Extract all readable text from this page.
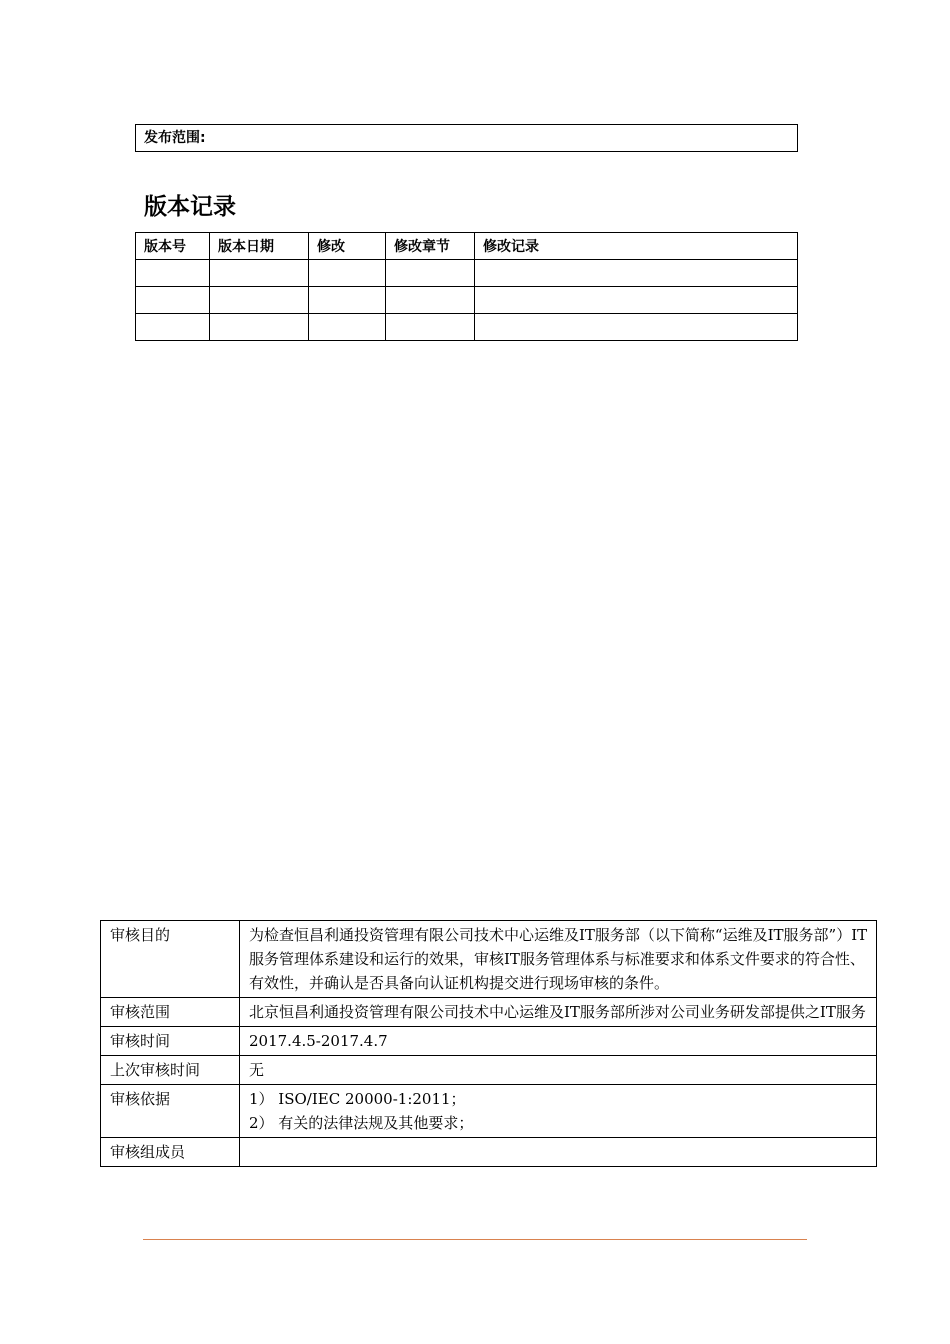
发布范围:
版本记录
版本号	版本日期	修改	修改章节	修改记录

审核目的	为检查恒昌利通投资管理有限公司技术中心运维及IT服务部（以下简称“运维及IT服务部”）IT服务管理体系建设和运行的效果，审核IT服务管理体系与标准要求和体系文件要求的符合性、有效性，并确认是否具备向认证机构提交进行现场审核的条件。

审核范围	北京恒昌利通投资管理有限公司技术中心运维及IT服务部所涉对公司业务研发部提供之IT服务

审核时间	2017.4.5-2017.4.7

上次审核时间	无

审核依据	1） ISO/IEC 20000-1:2011；
2） 有关的法律法规及其他要求；

审核组成员	
